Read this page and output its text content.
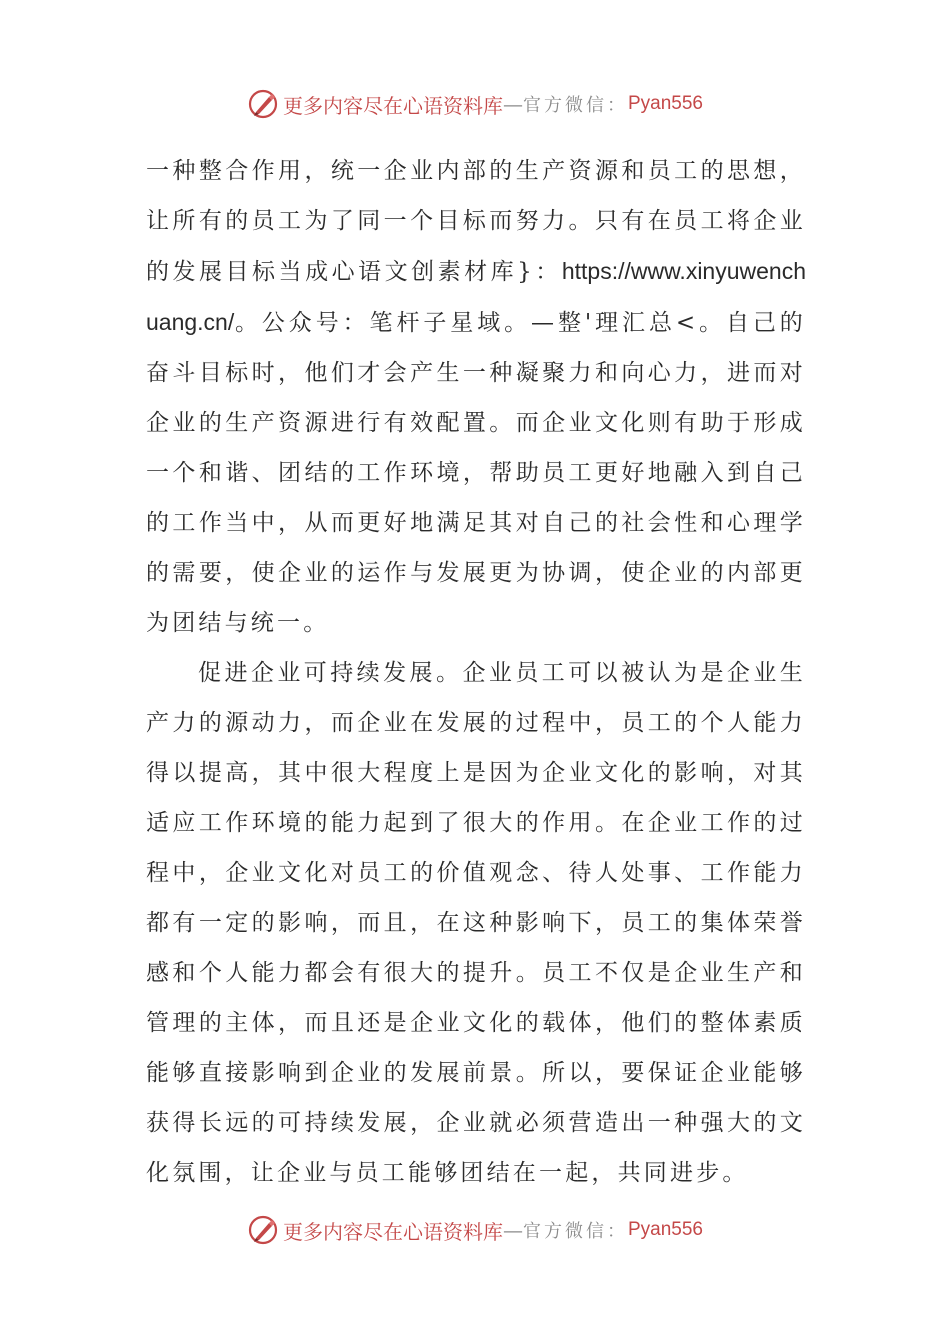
更多内容尽在心语资料库 — 官方微信： Pyan556

一种整合作用，统一企业内部的生产资源和员工的思想，让所有的员工为了同一个目标而努力。只有在员工将企业的发展目标当成心语文创素材库}：https://www.xinyuwenchuang.cn/。公众号：笔杆子星域。—整'理汇总<。自己的奋斗目标时，他们才会产生一种凝聚力和向心力，进而对企业的生产资源进行有效配置。而企业文化则有助于形成一个和谐、团结的工作环境，帮助员工更好地融入到自己的工作当中，从而更好地满足其对自己的社会性和心理学的需要，使企业的运作与发展更为协调，使企业的内部更为团结与统一。

促进企业可持续发展。企业员工可以被认为是企业生产力的源动力，而企业在发展的过程中，员工的个人能力得以提高，其中很大程度上是因为企业文化的影响，对其适应工作环境的能力起到了很大的作用。在企业工作的过程中，企业文化对员工的价值观念、待人处事、工作能力都有一定的影响，而且，在这种影响下，员工的集体荣誉感和个人能力都会有很大的提升。员工不仅是企业生产和管理的主体，而且还是企业文化的载体，他们的整体素质能够直接影响到企业的发展前景。所以，要保证企业能够获得长远的可持续发展，企业就必须营造出一种强大的文化氛围，让企业与员工能够团结在一起，共同进步。

更多内容尽在心语资料库 — 官方微信： Pyan556
